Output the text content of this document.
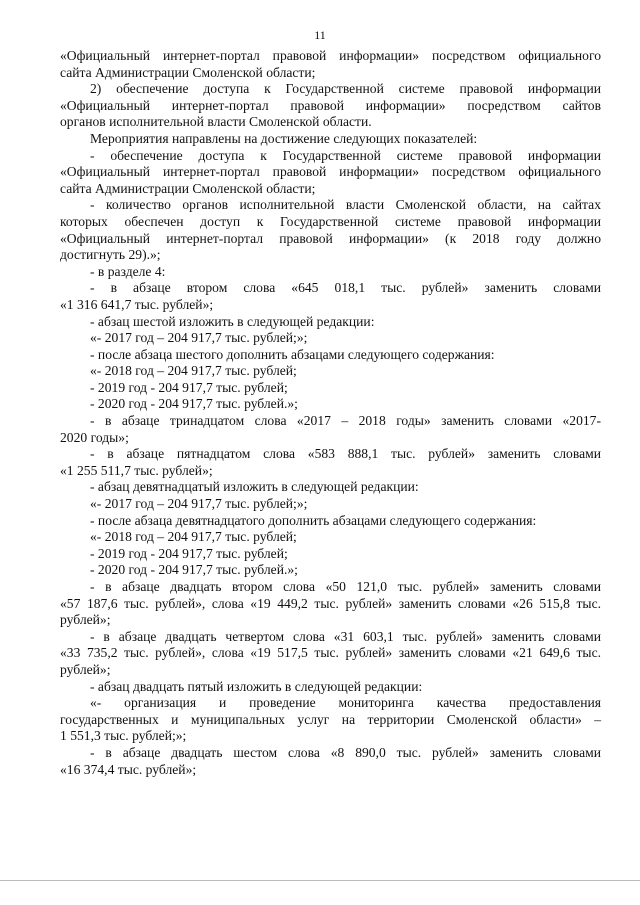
11
«Официальный интернет-портал правовой информации» посредством официального
сайта Администрации Смоленской области;
2) обеспечение доступа к Государственной системе правовой информации
«Официальный интернет-портал правовой информации» посредством сайтов
органов исполнительной власти Смоленской области.
Мероприятия направлены на достижение следующих показателей:
- обеспечение доступа к Государственной системе правовой информации
«Официальный интернет-портал правовой информации» посредством официального
сайта Администрации Смоленской области;
- количество органов исполнительной власти Смоленской области, на сайтах
которых обеспечен доступ к Государственной системе правовой информации
«Официальный интернет-портал правовой информации» (к 2018 году должно
достигнуть 29).»;
- в разделе 4:
- в абзаце втором слова «645 018,1 тыс. рублей» заменить словами
«1 316 641,7 тыс. рублей»;
- абзац шестой изложить в следующей редакции:
«- 2017 год – 204 917,7 тыс. рублей;»;
- после абзаца шестого дополнить абзацами следующего содержания:
«- 2018 год – 204 917,7 тыс. рублей;
- 2019 год - 204 917,7 тыс. рублей;
- 2020 год - 204 917,7 тыс. рублей.»;
- в абзаце тринадцатом слова «2017 – 2018 годы» заменить словами «2017-
2020 годы»;
- в абзаце пятнадцатом слова «583 888,1 тыс. рублей» заменить словами
«1 255 511,7 тыс. рублей»;
- абзац девятнадцатый изложить в следующей редакции:
«- 2017 год – 204 917,7 тыс. рублей;»;
- после абзаца девятнадцатого дополнить абзацами следующего содержания:
«- 2018 год – 204 917,7 тыс. рублей;
- 2019 год - 204 917,7 тыс. рублей;
- 2020 год - 204 917,7 тыс. рублей.»;
- в абзаце двадцать втором слова «50 121,0 тыс. рублей» заменить словами
«57 187,6 тыс. рублей», слова «19 449,2 тыс. рублей» заменить словами «26 515,8 тыс.
рублей»;
- в абзаце двадцать четвертом слова «31 603,1 тыс. рублей» заменить словами
«33 735,2 тыс. рублей», слова «19 517,5 тыс. рублей» заменить словами «21 649,6 тыс.
рублей»;
- абзац двадцать пятый изложить в следующей редакции:
«- организация и проведение мониторинга качества предоставления
государственных и муниципальных услуг на территории Смоленской области» –
1 551,3 тыс. рублей;»;
- в абзаце двадцать шестом слова «8 890,0 тыс. рублей» заменить словами
«16 374,4 тыс. рублей»;
